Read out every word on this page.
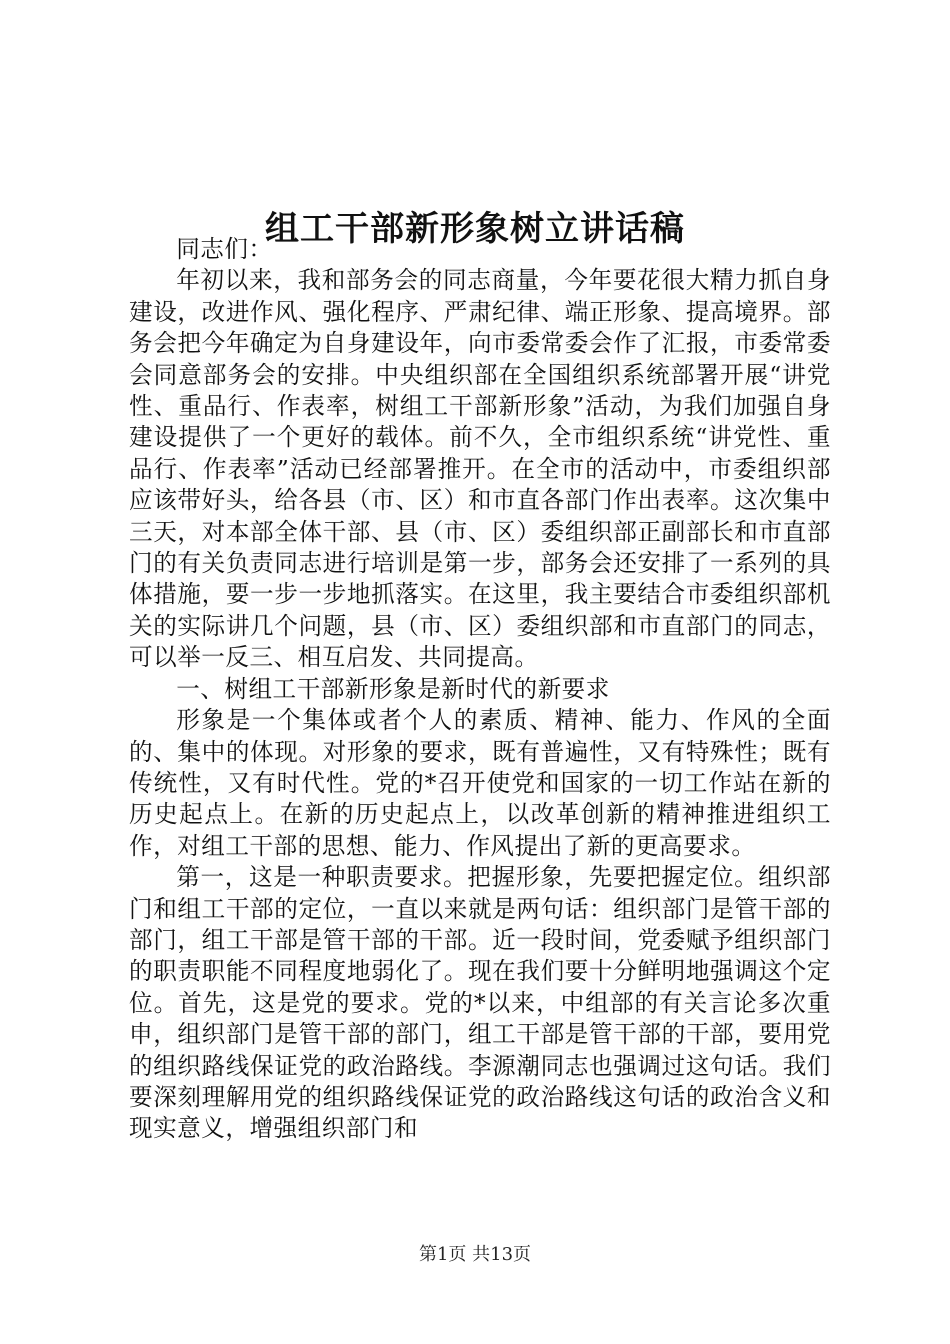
组工干部新形象树立讲话稿

同志们：

年初以来，我和部务会的同志商量，今年要花很大精力抓自身建设，改进作风、强化程序、严肃纪律、端正形象、提高境界。部务会把今年确定为自身建设年，向市委常委会作了汇报，市委常委会同意部务会的安排。中央组织部在全国组织系统部署开展“讲党性、重品行、作表率，树组工干部新形象”活动，为我们加强自身建设提供了一个更好的载体。前不久，全市组织系统“讲党性、重品行、作表率”活动已经部署推开。在全市的活动中，市委组织部应该带好头，给各县（市、区）和市直各部门作出表率。这次集中三天，对本部全体干部、县（市、区）委组织部正副部长和市直部门的有关负责同志进行培训是第一步，部务会还安排了一系列的具体措施，要一步一步地抓落实。在这里，我主要结合市委组织部机关的实际讲几个问题，县（市、区）委组织部和市直部门的同志，可以举一反三、相互启发、共同提高。

一、树组工干部新形象是新时代的新要求

形象是一个集体或者个人的素质、精神、能力、作风的全面的、集中的体现。对形象的要求，既有普遍性，又有特殊性；既有传统性，又有时代性。党的*召开使党和国家的一切工作站在新的历史起点上。在新的历史起点上，以改革创新的精神推进组织工作，对组工干部的思想、能力、作风提出了新的更高要求。

第一，这是一种职责要求。把握形象，先要把握定位。组织部门和组工干部的定位，一直以来就是两句话：组织部门是管干部的部门，组工干部是管干部的干部。近一段时间，党委赋予组织部门的职责职能不同程度地弱化了。现在我们要十分鲜明地强调这个定位。首先，这是党的要求。党的*以来，中组部的有关言论多次重申，组织部门是管干部的部门，组工干部是管干部的干部，要用党的组织路线保证党的政治路线。李源潮同志也强调过这句话。我们要深刻理解用党的组织路线保证党的政治路线这句话的政治含义和现实意义，增强组织部门和

第1页 共13页
